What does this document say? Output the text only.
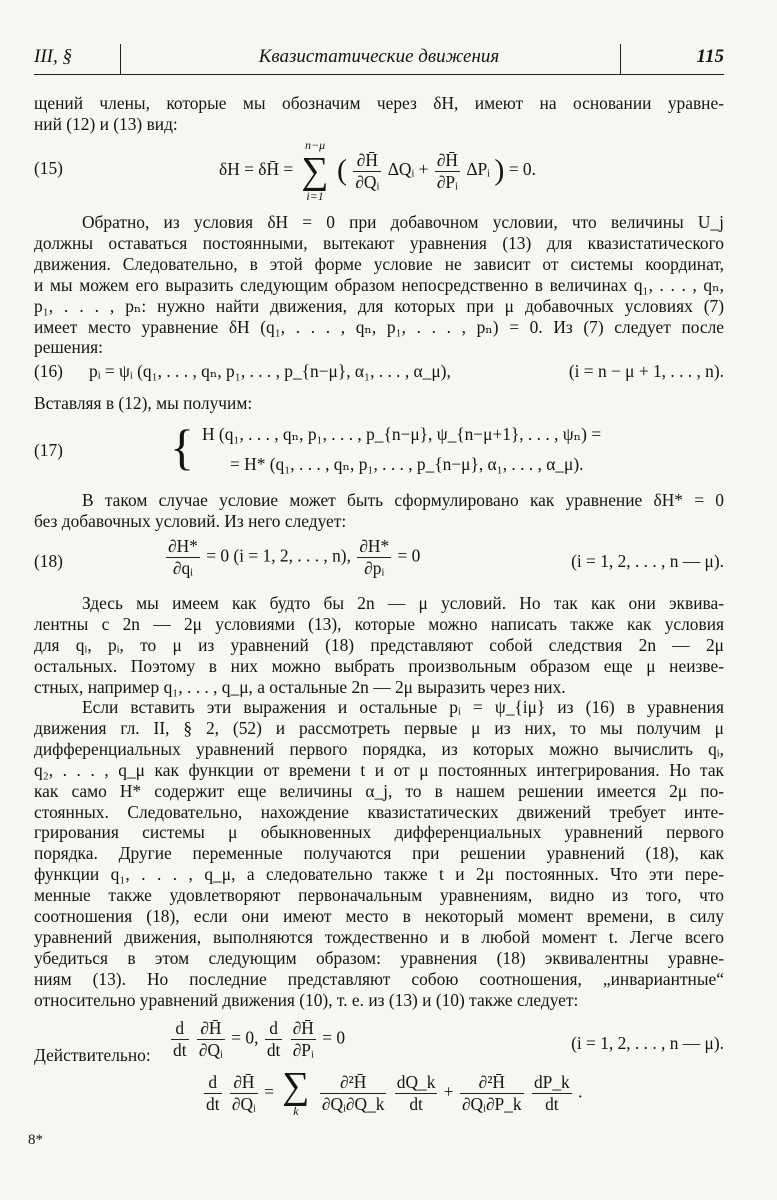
III, §	Квазистатические движения	115
(15)	δH = δH̄ =
n−μ
∑
i=1
( $\frac{\partial H̄}{\text{∂Qᵢ}}$ ΔQᵢ + $\frac{\partial H̄}{\text{∂Pᵢ}}$ ΔPᵢ ) = 0.
(16) pᵢ = ψᵢ (q₁, . . . , qₙ, p₁, . . . , p_{n−μ}, α₁, . . . , α_μ),	(i = n − μ + 1, . . . , n).
(17) { H (q₁, . . . , qₙ, p₁, . . . , p_{n−μ}, ψ_{n−μ+1}, . . . , ψₙ) =
= H* (q₁, . . . , qₙ, p₁, . . . , p_{n−μ}, α₁, . . . , α_μ).
(18)	$\frac{\partial H*}{\text{∂qᵢ}} = 0$ (i = 1, 2, . . . , n), $\frac{\partial H*}{\text{∂pᵢ}} = 0$	(i = 1, 2, . . . , n — μ).
$\frac{d}{dt}$
$\frac{\partial H̄}{\text{∂Qᵢ}} = 0$, $\frac{d}{dt}$
$\frac{\partial H̄}{\text{∂Pᵢ}} = 0$	(i = 1, 2, . . . , n — μ).
$\frac{d}{dt}$
$\frac{\partial H̄}{\text{∂Qᵢ}}$ = ∑
k
	$\frac{\text{∂²H̄}}{\text{∂Qᵢ∂Q\_k}}$
$\frac{dQ\_k}{dt} + \frac{\text{∂²H̄}}{\text{∂Qᵢ∂P\_k}}$
$\frac{dP\_k}{dt}$ .
8*

щений члены, которые мы обозначим через δH, имеют на основании уравне-

ний (12) и (13) вид:

Обратно, из условия δH = 0 при добавочном условии, что величины U_j

должны оставаться постоянными, вытекают уравнения (13) для квазистатического

движения. Следовательно, в этой форме условие не зависит от системы координат,

и мы можем его выразить следующим образом непосредственно в величинах q₁, . . . , qₙ,

p₁, . . . , pₙ: нужно найти движения, для которых при μ добавочных условиях (7)

имеет место уравнение δH (q₁, . . . , qₙ, p₁, . . . , pₙ) = 0. Из (7) следует после

решения:

Вставляя в (12), мы получим:

В таком случае условие может быть сформулировано как уравнение δH* = 0

без добавочных условий. Из него следует:

Здесь мы имеем как будто бы 2n — μ условий. Но так как они эквива-

лентны с 2n — 2μ условиями (13), которые можно написать также как условия

для qᵢ, pᵢ, то μ из уравнений (18) представляют собой следствия 2n — 2μ

остальных. Поэтому в них можно выбрать произвольным образом еще μ неизве-

стных, например q₁, . . . , q_μ, а остальные 2n — 2μ выразить через них.

Если вставить эти выражения и остальные pᵢ = ψ_{iμ} из (16) в уравнения

движения гл. II, § 2, (52) и рассмотреть первые μ из них, то мы получим μ

дифференциальных уравнений первого порядка, из которых можно вычислить qᵢ,

q₂, . . . , q_μ как функции от времени t и от μ постоянных интегрирования. Но так

как само H* содержит еще величины α_j, то в нашем решении имеется 2μ по-

стоянных. Следовательно, нахождение квазистатических движений требует инте-

грирования системы μ обыкновенных дифференциальных уравнений первого

порядка. Другие переменные получаются при решении уравнений (18), как

функции q₁, . . . , q_μ, а следовательно также t и 2μ постоянных. Что эти пере-

менные также удовлетворяют первоначальным уравнениям, видно из того, что

соотношения (18), если они имеют место в некоторый момент времени, в силу

уравнений движения, выполняются тождественно и в любой момент t. Легче всего

убедиться в этом следующим образом: уравнения (18) эквивалентны уравне-

ниям (13). Но последние представляют собою соотношения, „инвариантные“

относительно уравнений движения (10), т. е. из (13) и (10) также следует:

Действительно:
